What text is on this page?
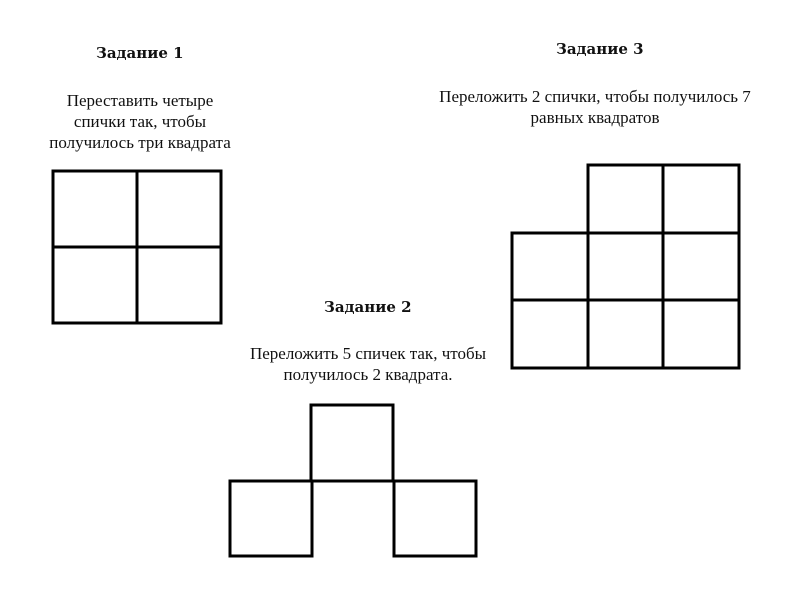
Задание 1
Переставить четыре
спички так, чтобы
получилось три квадрата
Задание 2
Переложить 5 спичек так, чтобы
получилось 2 квадрата.
Задание 3
Переложить 2 спички, чтобы получилось 7
равных квадратов
